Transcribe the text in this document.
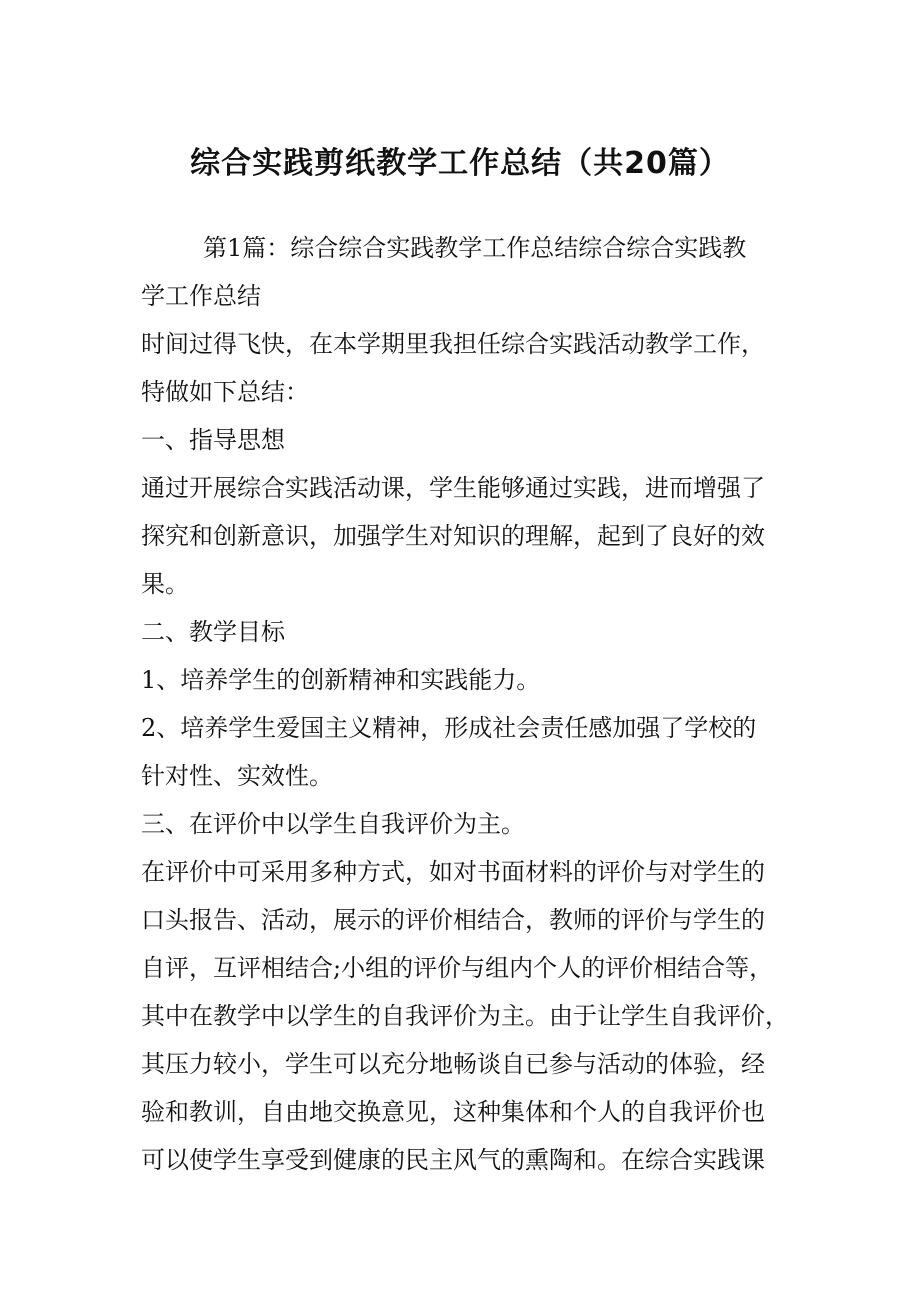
综合实践剪纸教学工作总结（共20篇）
第1篇：综合综合实践教学工作总结综合综合实践教
学工作总结
时间过得飞快，在本学期里我担任综合实践活动教学工作，
特做如下总结：
一、指导思想
通过开展综合实践活动课，学生能够通过实践，进而增强了
探究和创新意识，加强学生对知识的理解，起到了良好的效
果。
二、教学目标
1、培养学生的创新精神和实践能力。
2、培养学生爱国主义精神，形成社会责任感加强了学校的
针对性、实效性。
三、在评价中以学生自我评价为主。
在评价中可采用多种方式，如对书面材料的评价与对学生的
口头报告、活动，展示的评价相结合，教师的评价与学生的
自评，互评相结合;小组的评价与组内个人的评价相结合等，
其中在教学中以学生的自我评价为主。由于让学生自我评价，
其压力较小，学生可以充分地畅谈自已参与活动的体验，经
验和教训，自由地交换意见，这种集体和个人的自我评价也
可以使学生享受到健康的民主风气的熏陶和。在综合实践课
